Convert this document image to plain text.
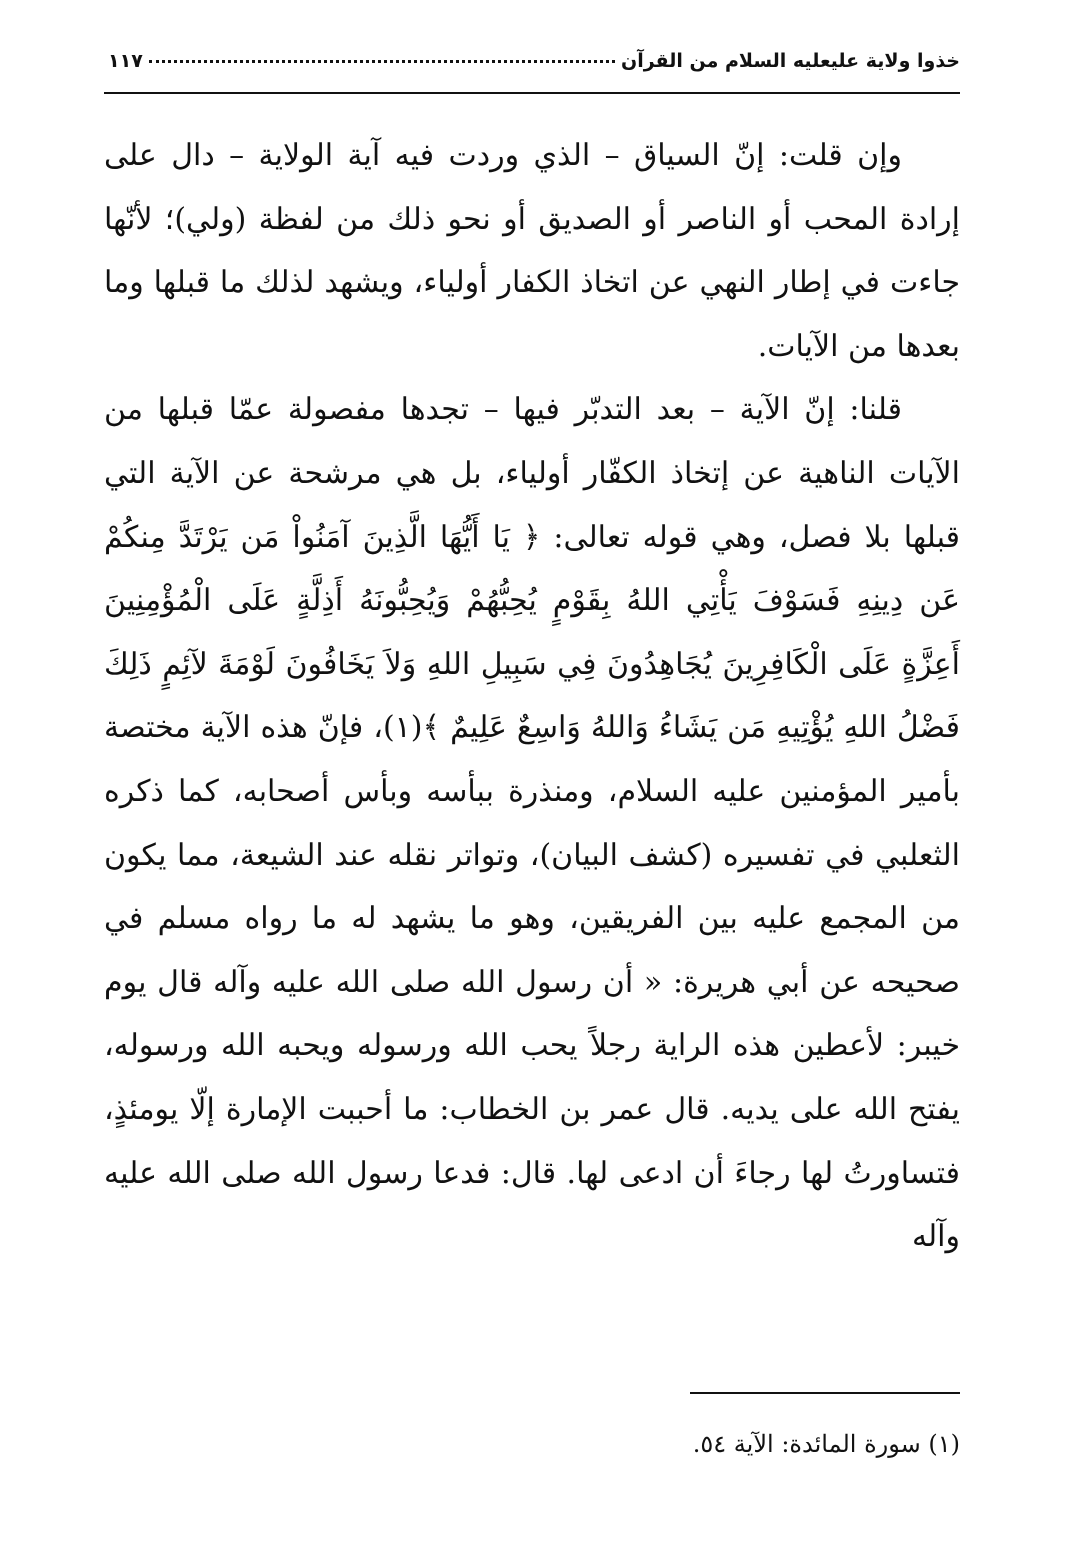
خذوا ولاية عليعليه السلام من القرآن
١١٧

وإن قلت: إنّ السياق – الذي وردت فيه آية الولاية – دال على إرادة المحب أو الناصر أو الصديق أو نحو ذلك من لفظة (ولي)؛ لأنّها جاءت في إطار النهي عن اتخاذ الكفار أولياء، ويشهد لذلك ما قبلها وما بعدها من الآيات.

قلنا: إنّ الآية – بعد التدبّر فيها – تجدها مفصولة عمّا قبلها من الآيات الناهية عن إتخاذ الكفّار أولياء، بل هي مرشحة عن الآية التي قبلها بلا فصل، وهي قوله تعالى: ﴿ يَا أَيُّهَا الَّذِينَ آمَنُواْ مَن يَرْتَدَّ مِنكُمْ عَن دِينِهِ فَسَوْفَ يَأْتِي اللهُ بِقَوْمٍ يُحِبُّهُمْ وَيُحِبُّونَهُ أَذِلَّةٍ عَلَى الْمُؤْمِنِينَ أَعِزَّةٍ عَلَى الْكَافِرِينَ يُجَاهِدُونَ فِي سَبِيلِ اللهِ وَلاَ يَخَافُونَ لَوْمَةَ لآئِمٍ ذَلِكَ فَضْلُ اللهِ يُؤْتِيهِ مَن يَشَاءُ وَاللهُ وَاسِعٌ عَلِيمٌ ﴾(١)، فإنّ هذه الآية مختصة بأمير المؤمنين عليه السلام، ومنذرة ببأسه وبأس أصحابه، كما ذكره الثعلبي في تفسيره (كشف البيان)، وتواتر نقله عند الشيعة، مما يكون من المجمع عليه بين الفريقين، وهو ما يشهد له ما رواه مسلم في صحيحه عن أبي هريرة: « أن رسول الله صلى الله عليه وآله قال يوم خيبر: لأعطين هذه الراية رجلاً يحب الله ورسوله ويحبه الله ورسوله، يفتح الله على يديه. قال عمر بن الخطاب: ما أحببت الإمارة إلّا يومئذٍ، فتساورتُ لها رجاءَ أن ادعى لها. قال: فدعا رسول الله صلى الله عليه وآله

(١) سورة المائدة: الآية ٥٤.
